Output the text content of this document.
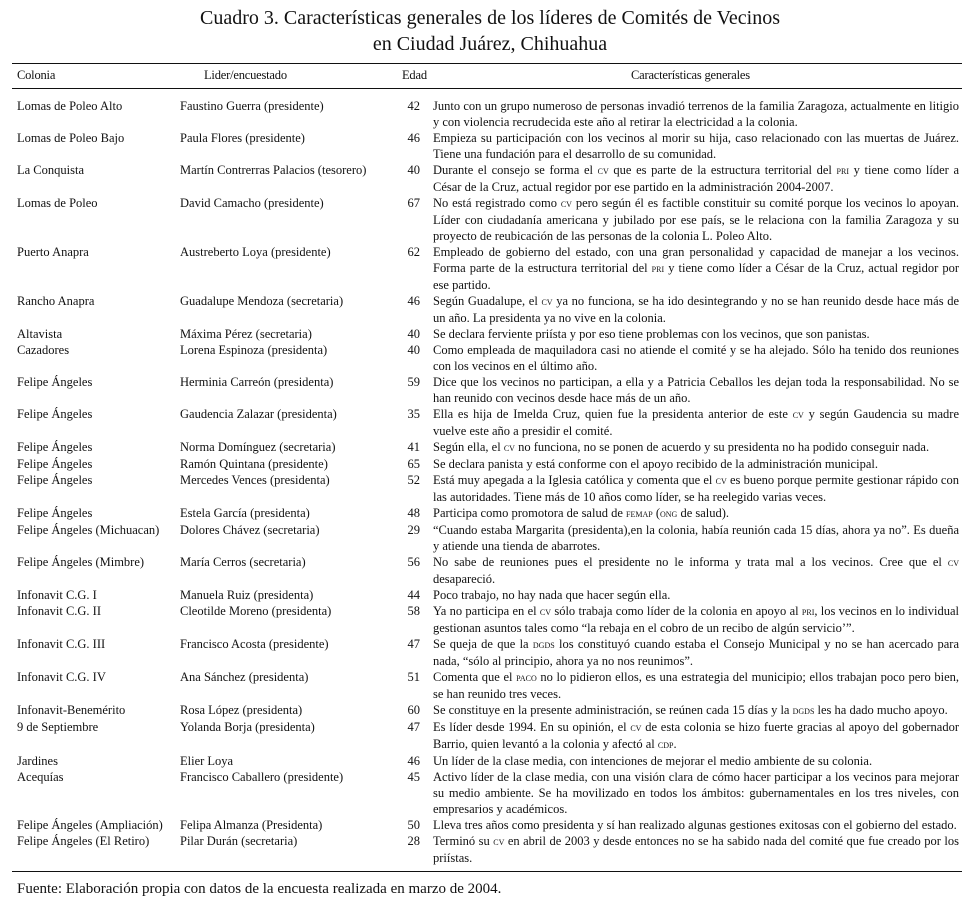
Cuadro 3. Características generales de los líderes de Comités de Vecinos
en Ciudad Juárez, Chihuahua
Colonia	Lider/encuestado	Edad	Características generales
Lomas de Poleo Alto	Faustino Guerra (presidente)	42 Junto con un grupo numeroso de personas invadió terrenos de la familia Zaragoza, actualmente en litigio y con violencia recrudecida este año al retirar la electricidad a la colonia.
Lomas de Poleo Bajo	Paula Flores (presidente)	46 Empieza su participación con los vecinos al morir su hija, caso relacionado con las muertas de Juárez. Tiene una fundación para el desarrollo de su comunidad.
La Conquista	Martín Contrerras Palacios (tesorero)	40 Durante el consejo se forma el cv que es parte de la estructura territorial del pri y tiene como líder a César de la Cruz, actual regidor por ese partido en la administración 2004-2007.
Lomas de Poleo	David Camacho (presidente)	67 No está registrado como cv pero según él es factible constituir su comité porque los vecinos lo apoyan. Líder con ciudadanía americana y jubilado por ese país, se le relaciona con la familia Zaragoza y su proyecto de reubicación de las personas de la colonia L. Poleo Alto.
Puerto Anapra	Austreberto Loya (presidente)	62 Empleado de gobierno del estado, con una gran personalidad y capacidad de manejar a los vecinos. Forma parte de la estructura territorial del pri y tiene como líder a César de la Cruz, actual regidor por ese partido.
Rancho Anapra	Guadalupe Mendoza (secretaria)	46 Según Guadalupe, el cv ya no funciona, se ha ido desintegrando y no se han reunido desde hace más de un año. La presidenta ya no vive en la colonia.
Altavista	Máxima Pérez (secretaria)	40 Se declara ferviente priísta y por eso tiene problemas con los vecinos, que son panistas.
Cazadores	Lorena Espinoza (presidenta)	40 Como empleada de maquiladora casi no atiende el comité y se ha alejado. Sólo ha tenido dos reuniones con los vecinos en el último año.
Felipe Ángeles	Herminia Carreón (presidenta)	59 Dice que los vecinos no participan, a ella y a Patricia Ceballos les dejan toda la responsabilidad. No se han reunido con vecinos desde hace más de un año.
Felipe Ángeles	Gaudencia Zalazar (presidenta)	35 Ella es hija de Imelda Cruz, quien fue la presidenta anterior de este cv y según Gaudencia su madre vuelve este año a presidir el comité.
Felipe Ángeles	Norma Domínguez (secretaria)	41 Según ella, el cv no funciona, no se ponen de acuerdo y su presidenta no ha podido conseguir nada.
Felipe Ángeles	Ramón Quintana (presidente)	65 Se declara panista y está conforme con el apoyo recibido de la administración municipal.
Felipe Ángeles	Mercedes Vences (presidenta)	52 Está muy apegada a la Iglesia católica y comenta que el cv es bueno porque permite gestionar rápido con las autoridades. Tiene más de 10 años como líder, se ha reelegido varias veces.
Felipe Ángeles	Estela García (presidenta)	48 Participa como promotora de salud de femap (ong de salud).
Felipe Ángeles (Michuacan) Dolores Chávez (secretaria)	29 “Cuando estaba Margarita (presidenta),en la colonia, había reunión cada 15 días, ahora ya no”. Es dueña y atiende una tienda de abarrotes.
Felipe Ángeles (Mimbre)	María Cerros (secretaria)	56 No sabe de reuniones pues el presidente no le informa y trata mal a los vecinos. Cree que el cv desapareció.
Infonavit C.G. I	Manuela Ruiz (presidenta)	44 Poco trabajo, no hay nada que hacer según ella.
Infonavit C.G. II	Cleotilde Moreno (presidenta)	58 Ya no participa en el cv sólo trabaja como líder de la colonia en apoyo al pri, los vecinos en lo individual gestionan asuntos tales como “la rebaja en el cobro de un recibo de algún servicio’”.
Infonavit C.G. III	Francisco Acosta (presidente)	47 Se queja de que la dgds los constituyó cuando estaba el Consejo Municipal y no se han acercado para nada, “sólo al principio, ahora ya no nos reunimos”.
Infonavit C.G. IV	Ana Sánchez (presidenta)	51 Comenta que el paco no lo pidieron ellos, es una estrategia del municipio; ellos trabajan poco pero bien, se han reunido tres veces.
Infonavit-Benemérito	Rosa López (presidenta)	60 Se constituye en la presente administración, se reúnen cada 15 días y la dgds les ha dado mucho apoyo.
9 de Septiembre	Yolanda Borja (presidenta)	47 Es líder desde 1994. En su opinión, el cv de esta colonia se hizo fuerte gracias al apoyo del gobernador Barrio, quien levantó a la colonia y afectó al cdp.
Jardines	Elier Loya	46 Un líder de la clase media, con intenciones de mejorar el medio ambiente de su colonia.
Acequías	Francisco Caballero (presidente)	45 Activo líder de la clase media, con una visión clara de cómo hacer participar a los vecinos para mejorar su medio ambiente. Se ha movilizado en todos los ámbitos: gubernamentales en los tres niveles, con empresarios y académicos.
Felipe Ángeles (Ampliación) Felipa Almanza (Presidenta)	50 Lleva tres años como presidenta y sí han realizado algunas gestiones exitosas con el gobierno del estado.
Felipe Ángeles (El Retiro) Pilar Durán (secretaria)	28 Terminó su cv en abril de 2003 y desde entonces no se ha sabido nada del comité que fue creado por los priístas.
Fuente: Elaboración propia con datos de la encuesta realizada en marzo de 2004.
